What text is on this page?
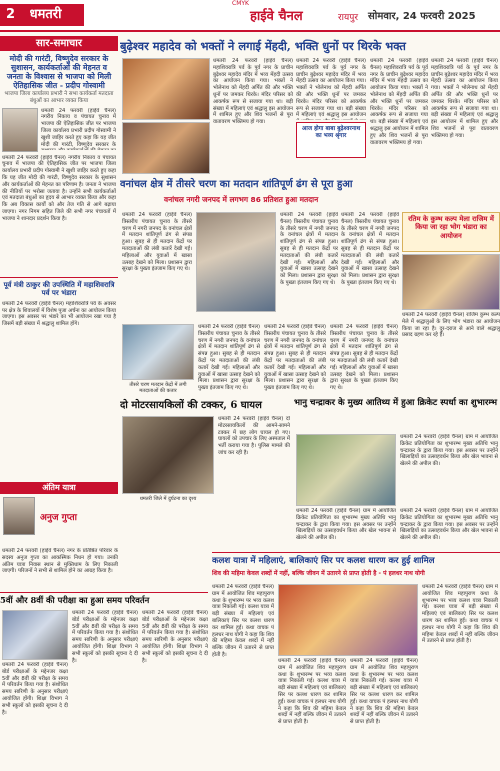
2 धमतरी
CMYK
हाईवे चैनल	रायपुर सोमवार, 24 फरवरी 2025
सार-समाचार
मोदी की गारंटी, विष्णुदेव सरकार के सुशासन, कार्यकर्ताओं की मेहनत व जनता के विश्वास से भाजपा को मिली ऐतिहासिक जीत - प्रदीप गोस्वामी
भाजपा जिला कार्यालय प्रभारी ने सभा कार्यकर्ता मतदाता बंधुओं का आभार व्यक्त किया

धमतरी 24 फरवरी (हाईवे चैनल) नगरीय निकाय व पंचायत चुनाव में भाजपा की ऐतिहासिक जीत पर भाजपा जिला कार्यालय प्रभारी प्रदीप गोस्वामी ने खुशी जाहिर करते हुए कहा कि यह जीत मोदी की गारंटी, विष्णुदेव सरकार के

धमतरी 24 फरवरी (हाईवे चैनल) नगरीय निकाय व पंचायत चुनाव में भाजपा की ऐतिहासिक जीत पर भाजपा जिला कार्यालय प्रभारी प्रदीप गोस्वामी ने खुशी जाहिर करते हुए कहा कि यह जीत मोदी की गारंटी, विष्णुदेव सरकार के सुशासन और कार्यकर्ताओं की मेहनत का परिणाम है। जनता ने भाजपा की नीतियों पर भरोसा जताया है। उन्होंने सभी कार्यकर्ताओं एवं मतदाता बंधुओं का हृदय से आभार व्यक्त किया और कहा कि अब विकास कार्यों को और तेज गति से आगे बढ़ाया जाएगा। नगर निगम सहित जिले की सभी नगर पंचायतों में भाजपा ने शानदार प्रदर्शन किया है।

पूर्व मंत्री ठाकुर की उपस्थिति में महाशिवरात्रि पर्व पर भंडारा

धमतरी 24 फरवरी (हाईवे चैनल) महाशिवरात्रि पर्व के अवसर पर क्षेत्र के शिवालयों में विशेष पूजा अर्चना का आयोजन किया जाएगा। इस अवसर पर भंडारे का भी आयोजन रखा गया है जिसमें बड़ी संख्या में श्रद्धालु शामिल होंगे।

अंतिम यात्रा
अनुज गुप्ता

धमतरी 24 फरवरी (हाईवे चैनल) नगर के प्रतिष्ठित परिवार के सदस्य अनुज गुप्ता का आकस्मिक निधन हो गया। उनकी अंतिम यात्रा निवास स्थान से मुक्तिधाम के लिए निकाली जाएगी। परिजनों ने सभी से शामिल होने का आग्रह किया है।

बुढ़ेश्वर महादेव को भक्तों ने लगाई मेंहदी, भक्ति धुनों पर थिरके भक्त

धमतरी 24 फरवरी (हाईवे चैनल) महाशिवरात्रि पर्व के पूर्व नगर के प्राचीन बुढ़ेश्वर महादेव मंदिर में भव्य मेंहदी उत्सव का आयोजन किया गया। भक्तों ने भोलेनाथ को मेंहदी अर्पित की और भक्ति धुनों पर जमकर थिरके। मंदिर परिसर को आकर्षक रूप से सजाया गया था। बड़ी संख्या में महिलाएं एवं श्रद्धालु इस आयोजन में शामिल हुए और शिव भजनों से पूरा वातावरण भक्तिमय हो गया।

धमतरी 24 फरवरी (हाईवे चैनल) महाशिवरात्रि पर्व के पूर्व नगर के प्राचीन बुढ़ेश्वर महादेव मंदिर में भव्य मेंहदी उत्सव का आयोजन किया गया। भक्तों ने भोलेनाथ को मेंहदी अर्पित की और भक्ति धुनों पर जमकर थिरके। मंदिर परिसर को आकर्षक रूप से सजाया गया था। बड़ी संख्या में महिलाएं एवं श्रद्धालु इस आयोजन

आज होगा बाबा बुढ़ेश्वरनाथ का भव्य श्रृंगार

धमतरी 24 फरवरी (हाईवे चैनल) महाशिवरात्रि पर्व के पूर्व नगर के प्राचीन बुढ़ेश्वर महादेव मंदिर में भव्य मेंहदी उत्सव का आयोजन किया गया। भक्तों ने भोलेनाथ को मेंहदी अर्पित की और भक्ति धुनों पर जमकर थिरके। मंदिर परिसर को आकर्षक रूप से सजाया गया था। बड़ी संख्या में महिलाएं एवं श्रद्धालु इस आयोजन में शामिल हुए और शिव भजनों से पूरा वातावरण भक्तिमय हो गया।

धमतरी 24 फरवरी (हाईवे चैनल) महाशिवरात्रि पर्व के पूर्व नगर के प्राचीन बुढ़ेश्वर महादेव मंदिर में भव्य मेंहदी उत्सव का आयोजन किया गया। भक्तों ने भोलेनाथ को मेंहदी अर्पित की और भक्ति धुनों पर जमकर थिरके। मंदिर परिसर को आकर्षक रूप से सजाया गया था। बड़ी संख्या में महिलाएं एवं श्रद्धालु इस आयोजन में शामिल हुए और शिव भजनों से पूरा वातावरण भक्तिमय हो गया।

वनांचल क्षेत्र में तीसरे चरण का मतदान शांतिपूर्ण ढंग से पूरा हुआ
वनांचल नगरी जनपद में लगभग 86 प्रतिशत हुआ मतदान

धमतरी 24 फरवरी (हाईवे चैनल) त्रिस्तरीय पंचायत चुनाव के तीसरे चरण में नगरी जनपद के वनांचल क्षेत्रों में मतदान शांतिपूर्ण ढंग से संपन्न हुआ। सुबह से ही मतदान केंद्रों पर मतदाताओं की लंबी कतारें देखी गईं। महिलाओं और युवाओं में खासा उत्साह देखने को मिला। प्रशासन द्वारा सुरक्षा के पुख्ता इंतजाम किए गए थे।

धमतरी 24 फरवरी (हाईवे चैनल) त्रिस्तरीय पंचायत चुनाव के तीसरे चरण में नगरी जनपद के वनांचल क्षेत्रों में मतदान शांतिपूर्ण ढंग से संपन्न हुआ। सुबह से ही मतदान केंद्रों पर मतदाताओं की लंबी कतारें देखी गईं। महिलाओं और युवाओं में खासा उत्साह देखने को मिला। प्रशासन द्वारा सुरक्षा के पुख्ता इंतजाम किए गए थे।

धमतरी 24 फरवरी (हाईवे चैनल) त्रिस्तरीय पंचायत चुनाव के तीसरे चरण में नगरी जनपद के वनांचल क्षेत्रों में मतदान शांतिपूर्ण ढंग से संपन्न हुआ। सुबह से ही मतदान केंद्रों पर मतदाताओं की लंबी कतारें देखी गईं। महिलाओं और युवाओं में खासा उत्साह देखने को मिला। प्रशासन द्वारा सुरक्षा के पुख्ता इंतजाम किए गए थे।

रतिम के कुम्भ कल्प मेला राजिम में किया जा रहा भोग भंडारा का आयोजन

धमतरी 24 फरवरी (हाईवे चैनल) राजिम कुम्भ कल्प मेले में श्रद्धालुओं के लिए भोग भंडारा का आयोजन किया जा रहा है। दूर-दराज से आने वाले श्रद्धालु प्रसाद ग्रहण कर रहे हैं।

तीसरे चरण मतदान केंद्रों में लगी मतदाताओं की कतार

धमतरी 24 फरवरी (हाईवे चैनल) त्रिस्तरीय पंचायत चुनाव के तीसरे चरण में नगरी जनपद के वनांचल क्षेत्रों में मतदान शांतिपूर्ण ढंग से संपन्न हुआ। सुबह से ही मतदान केंद्रों पर मतदाताओं की लंबी कतारें देखी गईं। महिलाओं और युवाओं में खासा उत्साह देखने को मिला। प्रशासन द्वारा सुरक्षा के पुख्ता इंतजाम किए गए थे।

धमतरी 24 फरवरी (हाईवे चैनल) त्रिस्तरीय पंचायत चुनाव के तीसरे चरण में नगरी जनपद के वनांचल क्षेत्रों में मतदान शांतिपूर्ण ढंग से संपन्न हुआ। सुबह से ही मतदान केंद्रों पर मतदाताओं की लंबी कतारें देखी गईं। महिलाओं और युवाओं में खासा उत्साह देखने को मिला। प्रशासन द्वारा सुरक्षा के पुख्ता इंतजाम किए गए थे।

धमतरी 24 फरवरी (हाईवे चैनल) त्रिस्तरीय पंचायत चुनाव के तीसरे चरण में नगरी जनपद के वनांचल क्षेत्रों में मतदान शांतिपूर्ण ढंग से संपन्न हुआ। सुबह से ही मतदान केंद्रों पर मतदाताओं की लंबी कतारें देखी गईं। महिलाओं और युवाओं में खासा उत्साह देखने को मिला। प्रशासन द्वारा सुरक्षा के पुख्ता इंतजाम किए गए थे।

दो मोटरसायकिलों की टक्कर, 6 घायल
धमतरी जिले में दुर्घटना का दृश्य

धमतरी 24 फरवरी (हाईवे चैनल) दो मोटरसायकिलों की आमने-सामने टक्कर में छह लोग घायल हो गए। घायलों को उपचार के लिए अस्पताल में भर्ती कराया गया है। पुलिस मामले की जांच कर रही है।

भानु चन्द्राकर के मुख्य आतिथ्य में हुआ क्रिकेट स्पर्धा का शुभारम्भ

धमतरी 24 फरवरी (हाईवे चैनल) ग्राम में आयोजित क्रिकेट प्रतियोगिता का शुभारम्भ मुख्य अतिथि भानु चन्द्राकर के द्वारा किया गया। इस अवसर पर उन्होंने खिलाड़ियों का उत्साहवर्धन किया और खेल भावना से खेलने की अपील की।

धमतरी 24 फरवरी (हाईवे चैनल) ग्राम में आयोजित क्रिकेट प्रतियोगिता का शुभारम्भ मुख्य अतिथि भानु चन्द्राकर के द्वारा किया गया। इस अवसर पर उन्होंने खिलाड़ियों का उत्साहवर्धन किया और खेल भावना से खेलने की अपील की।

धमतरी 24 फरवरी (हाईवे चैनल) ग्राम में आयोजित क्रिकेट प्रतियोगिता का शुभारम्भ मुख्य अतिथि भानु चन्द्राकर के द्वारा किया गया। इस अवसर पर उन्होंने खिलाड़ियों का उत्साहवर्धन किया और खेल भावना से खेलने की अपील की।

5वीं और 8वीं की परीक्षा का हुआ समय परिवर्तन

धमतरी 24 फरवरी (हाईवे चैनल) बोर्ड परीक्षाओं के मद्देनजर कक्षा 5वीं और 8वीं की परीक्षा के समय में परिवर्तन किया गया है। संशोधित समय सारिणी के अनुसार परीक्षाएं आयोजित होंगी। शिक्षा विभाग ने सभी स्कूलों को इसकी सूचना दे दी है।

धमतरी 24 फरवरी (हाईवे चैनल) बोर्ड परीक्षाओं के मद्देनजर कक्षा 5वीं और 8वीं की परीक्षा के समय में परिवर्तन किया गया है। संशोधित समय सारिणी के अनुसार परीक्षाएं आयोजित होंगी। शिक्षा विभाग ने सभी स्कूलों को इसकी सूचना दे दी है।

धमतरी 24 फरवरी (हाईवे चैनल) बोर्ड परीक्षाओं के मद्देनजर कक्षा 5वीं और 8वीं की परीक्षा के समय में परिवर्तन किया गया है। संशोधित समय सारिणी के अनुसार परीक्षाएं आयोजित होंगी। शिक्षा विभाग ने सभी स्कूलों को इसकी सूचना दे दी है।

कलश यात्रा में महिलाएं, बालिकाएं सिर पर कलश धारण कर हुई शामिल
शिव की महिमा केवल शब्दों में नहीं, बल्कि जीवन में उतारने से प्राप्त होती है - पं हलधर नाथ योगी

धमतरी 24 फरवरी (हाईवे चैनल) ग्राम में आयोजित शिव महापुराण कथा के शुभारम्भ पर भव्य कलश यात्रा निकाली गई। कलश यात्रा में बड़ी संख्या में महिलाएं एवं बालिकाएं सिर पर कलश धारण कर शामिल हुईं। कथा वाचक पं हलधर नाथ योगी ने कहा कि शिव की महिमा केवल शब्दों में नहीं बल्कि जीवन में उतारने से प्राप्त होती है।

धमतरी 24 फरवरी (हाईवे चैनल) ग्राम में आयोजित शिव महापुराण कथा के शुभारम्भ पर भव्य कलश यात्रा निकाली गई। कलश यात्रा में बड़ी संख्या में महिलाएं एवं बालिकाएं सिर पर कलश धारण कर शामिल हुईं। कथा वाचक पं हलधर नाथ योगी ने कहा कि शिव की महिमा केवल शब्दों में नहीं बल्कि जीवन में उतारने से प्राप्त होती है।

धमतरी 24 फरवरी (हाईवे चैनल) ग्राम में आयोजित शिव महापुराण कथा के शुभारम्भ पर भव्य कलश यात्रा निकाली गई। कलश यात्रा में बड़ी संख्या में महिलाएं एवं बालिकाएं सिर पर कलश धारण कर शामिल हुईं। कथा वाचक पं हलधर नाथ योगी ने कहा कि शिव की महिमा केवल शब्दों में नहीं बल्कि जीवन में उतारने से प्राप्त होती है।

धमतरी 24 फरवरी (हाईवे चैनल) ग्राम में आयोजित शिव महापुराण कथा के शुभारम्भ पर भव्य कलश यात्रा निकाली गई। कलश यात्रा में बड़ी संख्या में महिलाएं एवं बालिकाएं सिर पर कलश धारण कर शामिल हुईं। कथा वाचक पं हलधर नाथ योगी ने कहा कि शिव की महिमा केवल शब्दों में नहीं बल्कि जीवन में उतारने से प्राप्त होती है।
